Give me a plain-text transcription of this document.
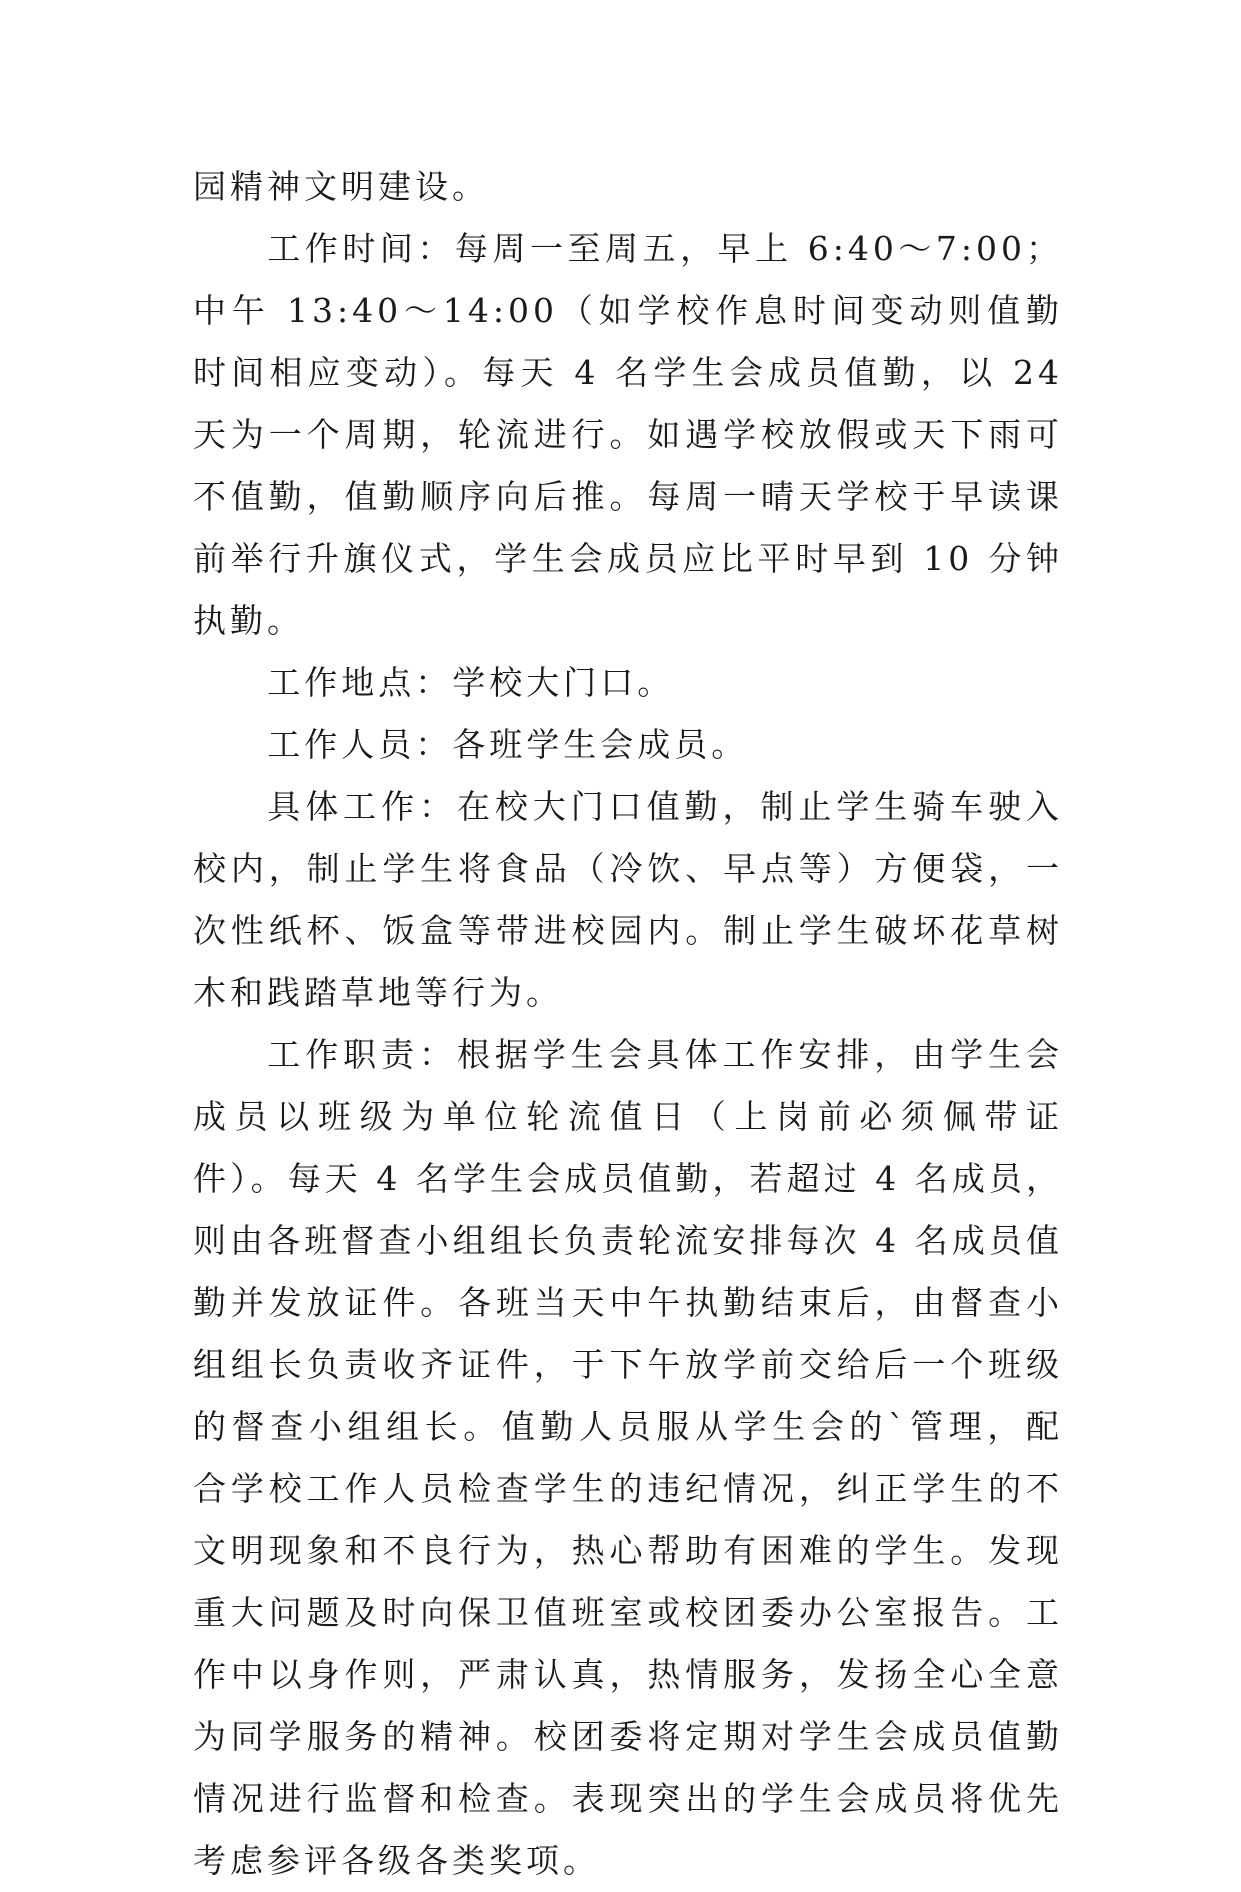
园精神文明建设。

工作时间：每周一至周五，早上 6:40～7:00；中午 13:40～14:00（如学校作息时间变动则值勤时间相应变动）。每天 4 名学生会成员值勤，以 24 天为一个周期，轮流进行。如遇学校放假或天下雨可不值勤，值勤顺序向后推。每周一晴天学校于早读课前举行升旗仪式，学生会成员应比平时早到 10 分钟执勤。

工作地点：学校大门口。

工作人员：各班学生会成员。

具体工作：在校大门口值勤，制止学生骑车驶入校内，制止学生将食品（冷饮、早点等）方便袋，一次性纸杯、饭盒等带进校园内。制止学生破坏花草树木和践踏草地等行为。

工作职责：根据学生会具体工作安排，由学生会成员以班级为单位轮流值日（上岗前必须佩带证件）。每天 4 名学生会成员值勤，若超过 4 名成员，则由各班督查小组组长负责轮流安排每次 4 名成员值勤并发放证件。各班当天中午执勤结束后，由督查小组组长负责收齐证件，于下午放学前交给后一个班级的督查小组组长。值勤人员服从学生会的`管理，配合学校工作人员检查学生的违纪情况，纠正学生的不文明现象和不良行为，热心帮助有困难的学生。发现重大问题及时向保卫值班室或校团委办公室报告。工作中以身作则，严肃认真，热情服务，发扬全心全意为同学服务的精神。校团委将定期对学生会成员值勤情况进行监督和检查。表现突出的学生会成员将优先考虑参评各级各类奖项。
